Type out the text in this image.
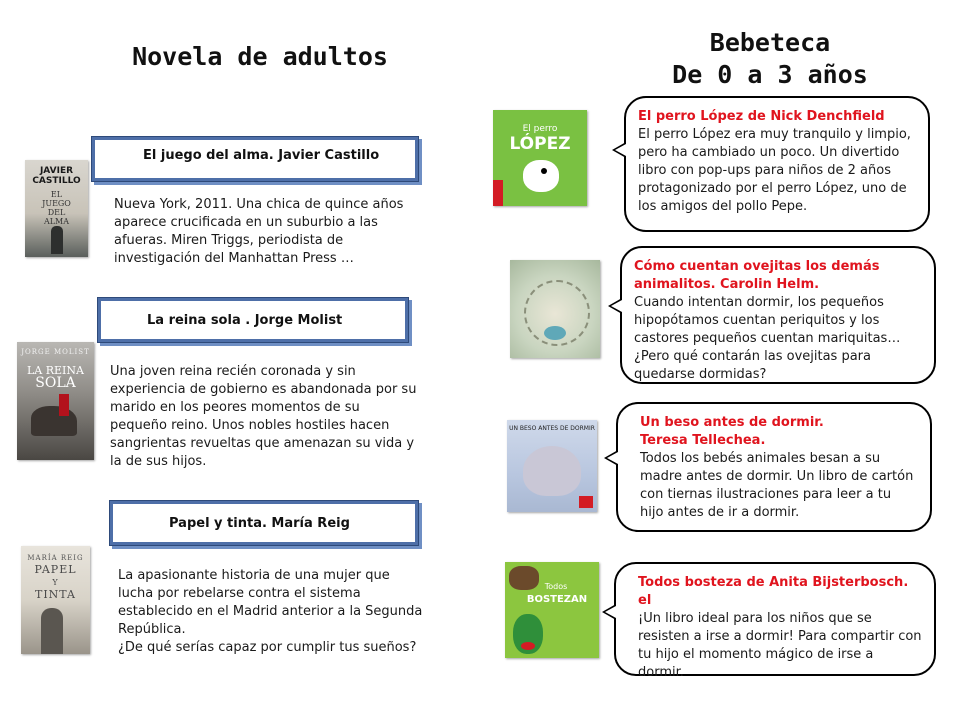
Novela de adultos	Bebeteca
De 0 a 3 años
JAVIER
CASTILLO
EL
JUEGO
DEL
ALMA
El juego del alma. Javier Castillo
Nueva York, 2011. Una chica de quince años aparece crucificada en un suburbio a las afueras. Miren Triggs, periodista de investigación del Manhattan Press …
JORGE MOLIST
LA REINA
SOLA
La reina sola . Jorge Molist
Una joven reina recién coronada y sin experiencia de gobierno es abandonada por su marido en los peores momentos de su pequeño reino. Unos nobles hostiles hacen sangrientas revueltas que amenazan su vida y la de sus hijos.
MARÍA REIG
PAPEL
Y
TINTA
Papel y tinta. María Reig
La apasionante historia de una mujer que lucha por rebelarse contra el sistema establecido en el Madrid anterior a la Segunda República.
¿De qué serías capaz por cumplir tus sueños?
El perro
LÓPEZ
El perro López de Nick Denchfield
El perro López era muy tranquilo y limpio, pero ha cambiado un poco. Un divertido libro con pop-ups para niños de 2 años protagonizado por el perro López, uno de los amigos del pollo Pepe.
Cómo cuentan ovejitas los demás animalitos. Carolin Helm.
Cuando intentan dormir, los pequeños hipopótamos cuentan periquitos y los castores pequeños cuentan mariquitas…¿Pero qué contarán las ovejitas para quedarse dormidas?
UN BESO ANTES DE DORMIR	Un beso antes de dormir.
Teresa Tellechea.
Todos los bebés animales besan a su madre antes de dormir. Un libro de cartón con tiernas ilustraciones para leer a tu hijo antes de ir a dormir.
Todos
BOSTEZAN
Todos bosteza de Anita Bijsterbosch. el
¡Un libro ideal para los niños que se resisten a irse a dormir! Para compartir con tu hijo el momento mágico de irse a dormir.
